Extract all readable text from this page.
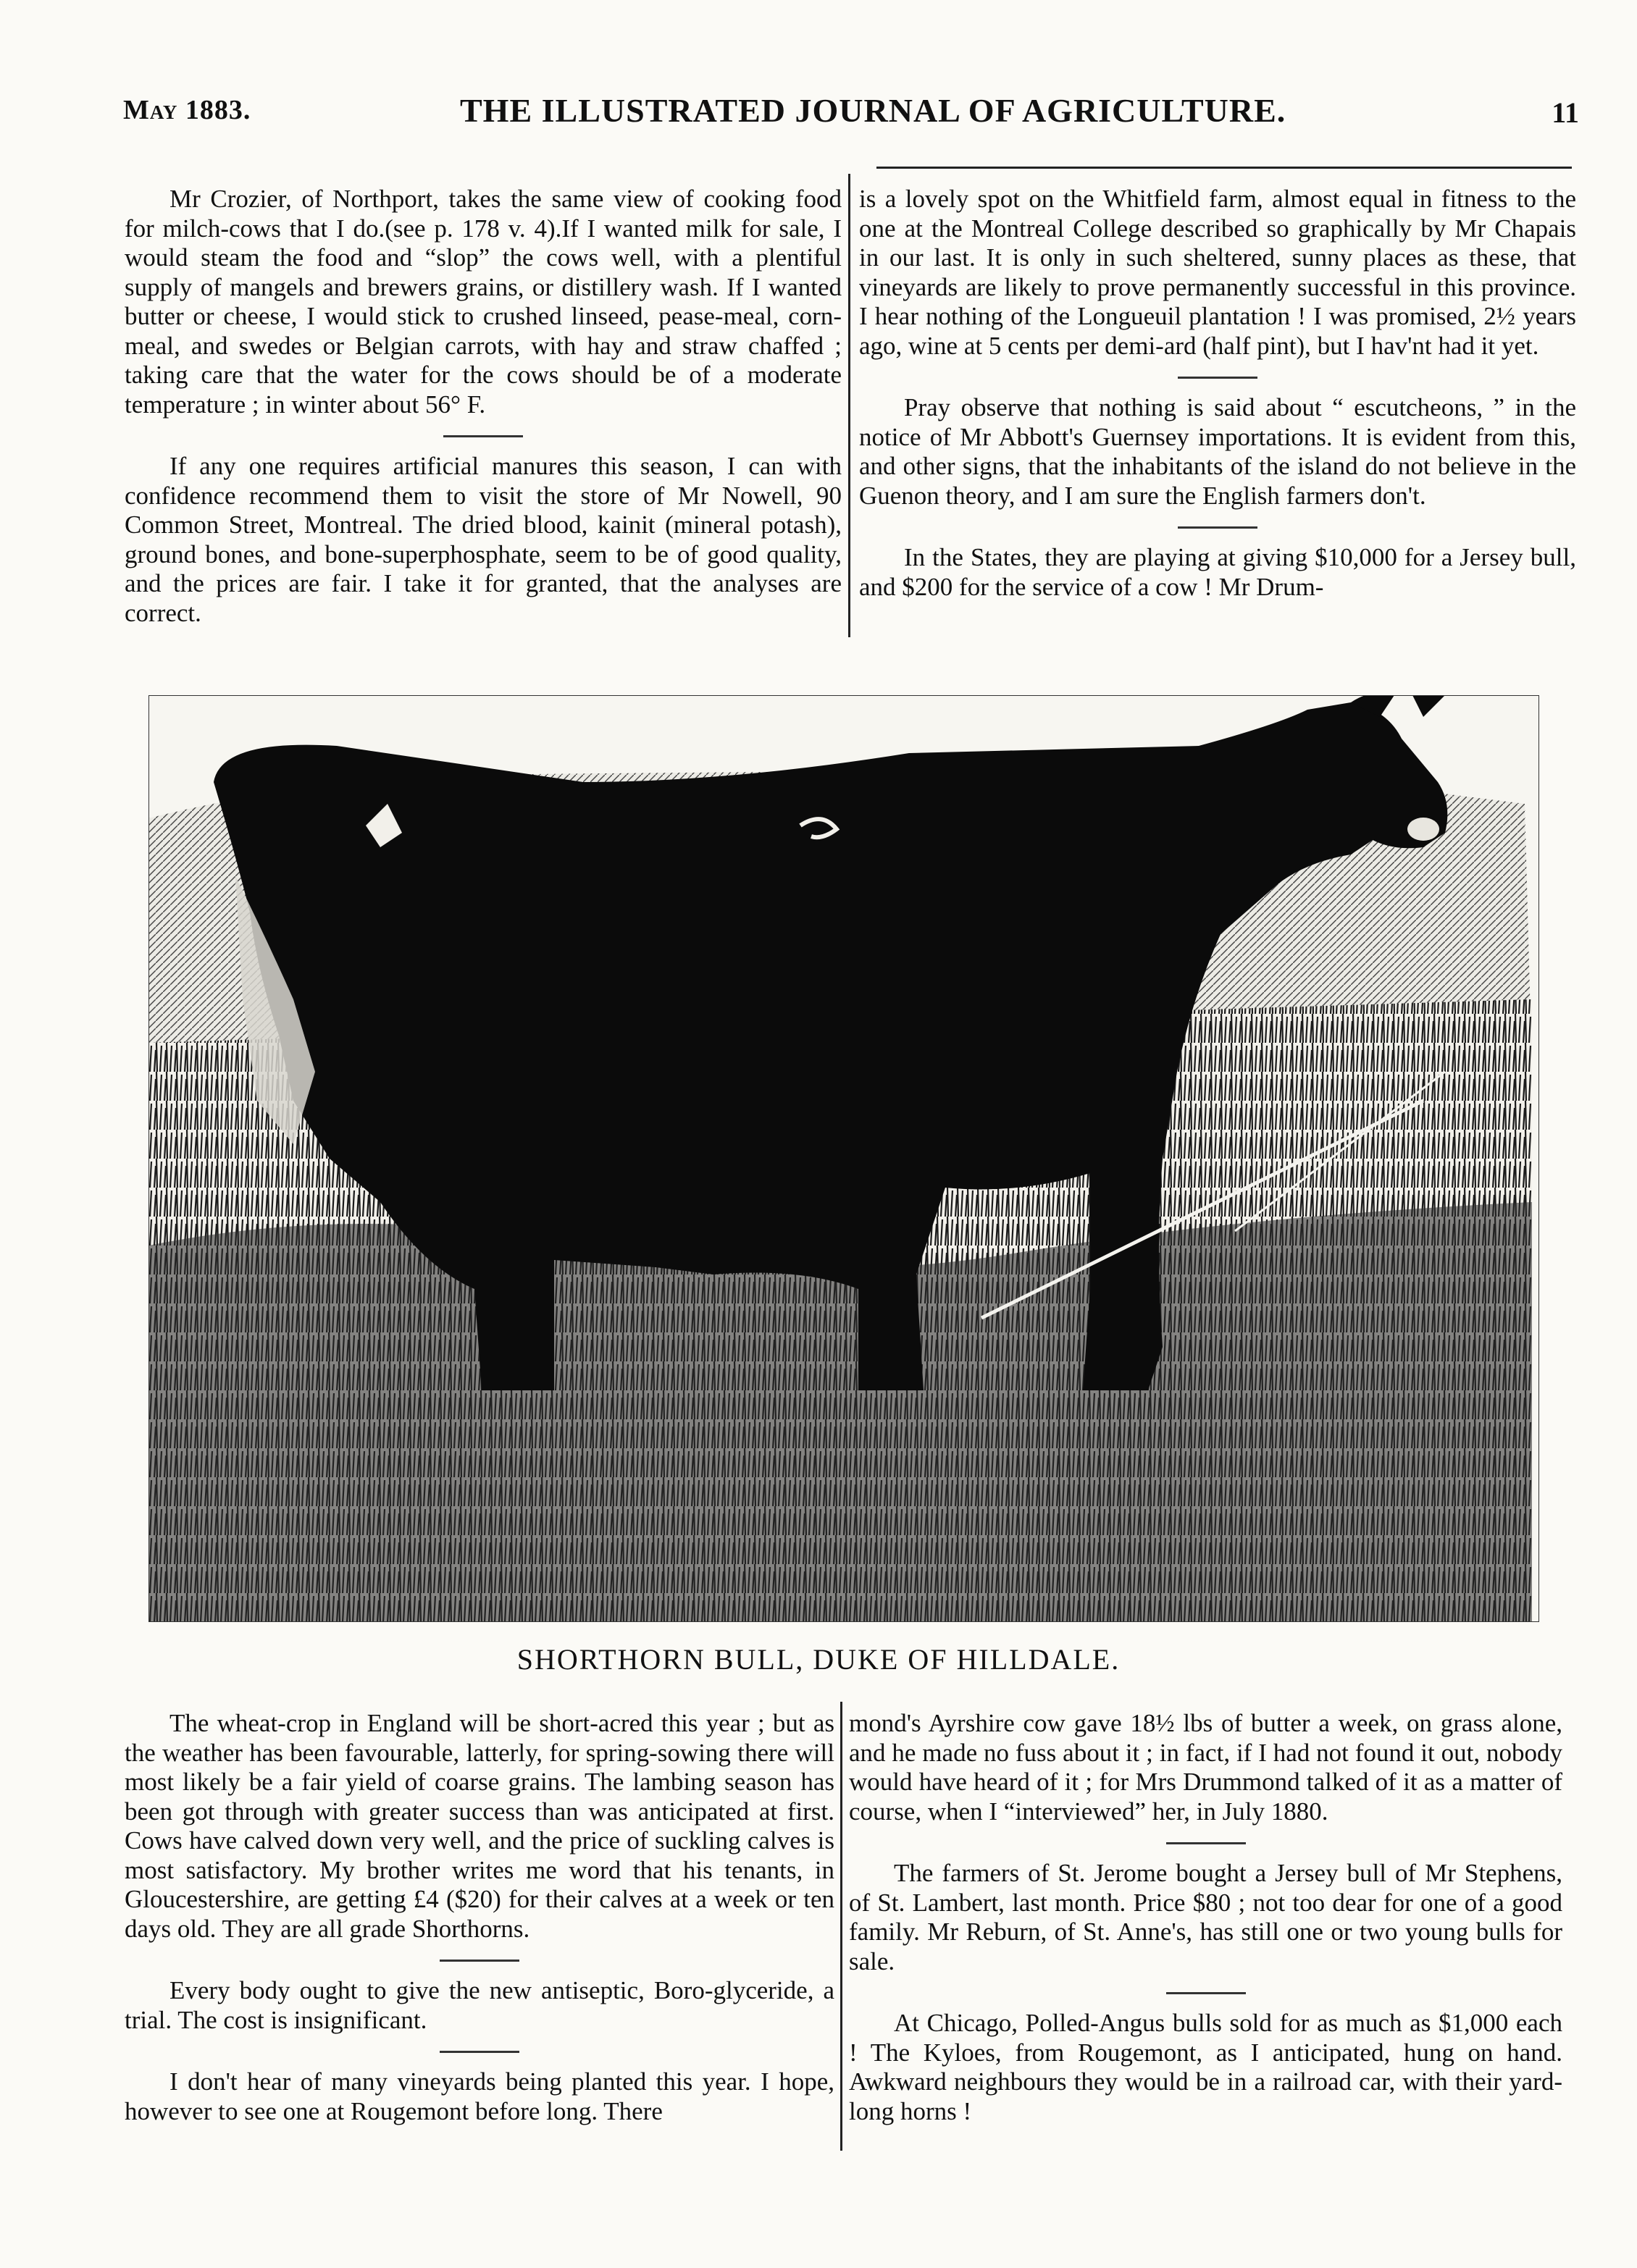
May 1883.	THE ILLUSTRATED JOURNAL OF AGRICULTURE.	11

Mr Crozier, of Northport, takes the same view of cooking food for milch-cows that I do.(see p. 178 v. 4).If I wanted milk for sale, I would steam the food and “slop” the cows well, with a plentiful supply of mangels and brewers grains, or distillery wash. If I wanted butter or cheese, I would stick to crushed linseed, pease-meal, corn-meal, and swedes or Belgian carrots, with hay and straw chaffed ; taking care that the water for the cows should be of a moderate temperature ; in winter about 56° F.

If any one requires artificial manures this season, I can with confidence recommend them to visit the store of Mr Nowell, 90 Common Street, Montreal. The dried blood, kainit (mineral potash), ground bones, and bone-superphosphate, seem to be of good quality, and the prices are fair. I take it for granted, that the analyses are correct.

is a lovely spot on the Whitfield farm, almost equal in fitness to the one at the Montreal College described so graphically by Mr Chapais in our last. It is only in such sheltered, sunny places as these, that vineyards are likely to prove permanently successful in this province. I hear nothing of the Longueuil plantation ! I was promised, 2½ years ago, wine at 5 cents per demi-ard (half pint), but I hav'nt had it yet.

Pray observe that nothing is said about “ escutcheons, ” in the notice of Mr Abbott's Guernsey importations. It is evident from this, and other signs, that the inhabitants of the island do not believe in the Guenon theory, and I am sure the English farmers don't.

In the States, they are playing at giving $10,000 for a Jersey bull, and $200 for the service of a cow ! Mr Drum-

SHORTHORN BULL, DUKE OF HILLDALE.

The wheat-crop in England will be short-acred this year ; but as the weather has been favourable, latterly, for spring-sowing there will most likely be a fair yield of coarse grains. The lambing season has been got through with greater success than was anticipated at first. Cows have calved down very well, and the price of suckling calves is most satisfactory. My brother writes me word that his tenants, in Gloucestershire, are getting £4 ($20) for their calves at a week or ten days old. They are all grade Shorthorns.

Every body ought to give the new antiseptic, Boro-glyceride, a trial. The cost is insignificant.

I don't hear of many vineyards being planted this year. I hope, however to see one at Rougemont before long. There

mond's Ayrshire cow gave 18½ lbs of butter a week, on grass alone, and he made no fuss about it ; in fact, if I had not found it out, nobody would have heard of it ; for Mrs Drummond talked of it as a matter of course, when I “interviewed” her, in July 1880.

The farmers of St. Jerome bought a Jersey bull of Mr Stephens, of St. Lambert, last month. Price $80 ; not too dear for one of a good family. Mr Reburn, of St. Anne's, has still one or two young bulls for sale.

At Chicago, Polled-Angus bulls sold for as much as $1,000 each ! The Kyloes, from Rougemont, as I anticipated, hung on hand. Awkward neighbours they would be in a railroad car, with their yard-long horns !
